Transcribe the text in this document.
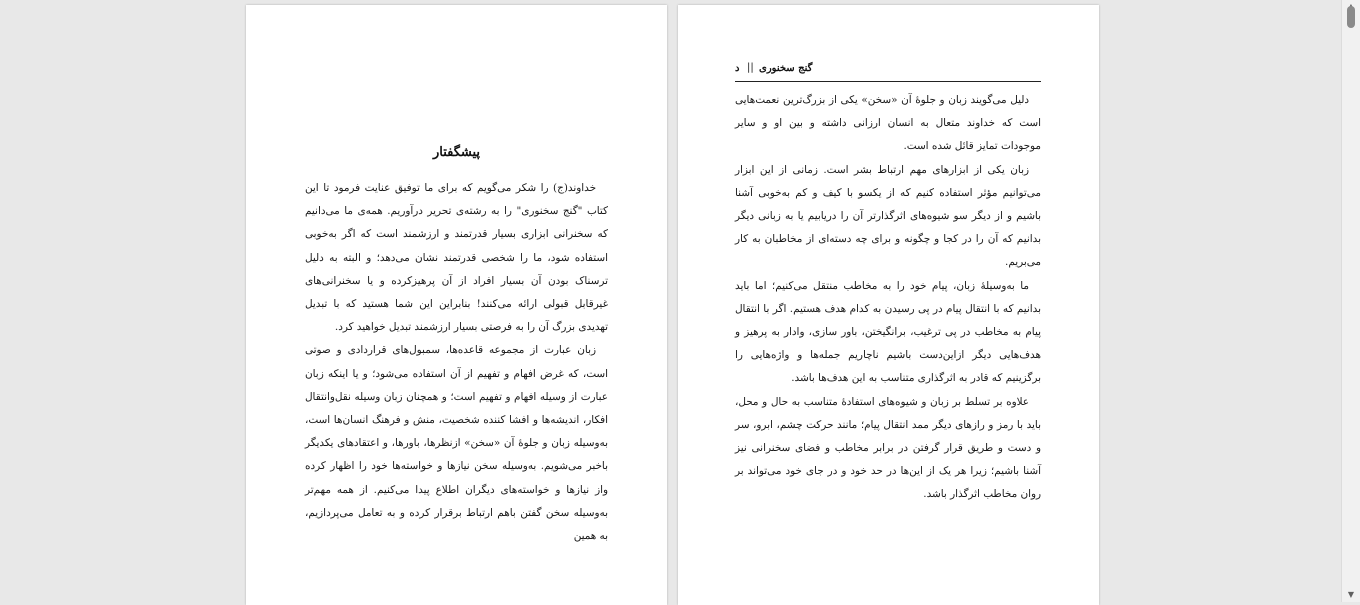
پیشگفتار

خداوند(ج) را شکر می‌گویم که برای ما توفیق عنایت فرمود تا این کتاب "گنج سخنوری" را به رشته‌ی تحریر درآوریم. همه‌ی ما می‌دانیم که سخنرانی ابزاری بسیار قدرتمند و ارزشمند است که اگر به‌خوبی استفاده شود، ما را شخصی قدرتمند نشان می‌دهد؛ و البته به دلیل ترسناک بودن آن بسیار افراد از آن پرهیزکرده و یا سخنرانی‌های غیرقابل قبولی ارائه می‌کنند! بنابراین این شما هستید که با تبدیل تهدیدی بزرگ آن را به فرصتی بسیار ارزشمند تبدیل خواهید کرد.

زبان عبارت از مجموعه قاعده‌ها، سمبول‌های قراردادی و صوتی است، که غرض افهام و تفهیم از آن استفاده می‌شود؛ و یا اینکه زبان عبارت از وسیله افهام و تفهیم است؛ و همچنان زبان وسیله نقل‌وانتقال افکار، اندیشه‌ها و افشا کننده شخصیت، منش و فرهنگ انسان‌ها است، به‌وسیله زبان و جلوهٔ آن «سخن» ازنظرها، باورها، و اعتقادهای یکدیگر باخبر می‌شویم. به‌وسیله سخن نیازها و خواسته‌ها خود را اظهار کرده واز نیازها و خواسته‌های دیگران اطلاع پیدا می‌کنیم. از همه مهم‌تر به‌وسیله سخن گفتن باهم ارتباط برقرار کرده و به تعامل می‌پردازیم، به همین

گنج سخنوری
||
د

دلیل می‌گویند زبان و جلوهٔ آن «سخن» یکی از بزرگ‌ترین نعمت‌هایی است که خداوند متعال به انسان ارزانی داشته و بین او و سایر موجودات تمایز قائل شده است.

زبان یکی از ابزارهای مهم ارتباط بشر است. زمانی از این ابزار می‌توانیم مؤثر استفاده کنیم که از یکسو با کیف و کم به‌خوبی آشنا باشیم و از دیگر سو شیوه‌های اثرگذارتر آن را دریابیم یا به زبانی دیگر بدانیم که آن را در کجا و چگونه و برای چه دسته‌ای از مخاطبان به کار می‌بریم.

ما به‌وسیلهٔ زبان، پیام خود را به مخاطب منتقل می‌کنیم؛ اما باید بدانیم که با انتقال پیام در پی رسیدن به کدام هدف هستیم. اگر با انتقال پیام به مخاطب در پی ترغیب، برانگیختن، باور سازی، وادار به پرهیز و هدف‌هایی دیگر ازاین‌دست باشیم ناچاریم جمله‌ها و واژه‌هایی را برگزینیم که قادر به اثرگذاری متناسب به این هدف‌ها باشد.

علاوه بر تسلط بر زبان و شیوه‌های استفادهٔ متناسب به حال و محل، باید با رمز و رازهای دیگر ممد انتقال پیام؛ مانند حرکت چشم، ابرو، سر و دست و طریق قرار گرفتن در برابر مخاطب و فضای سخنرانی نیز آشنا باشیم؛ زیرا هر یک از این‌ها در حد خود و در جای خود می‌تواند بر روان مخاطب اثرگذار باشد.

▼
